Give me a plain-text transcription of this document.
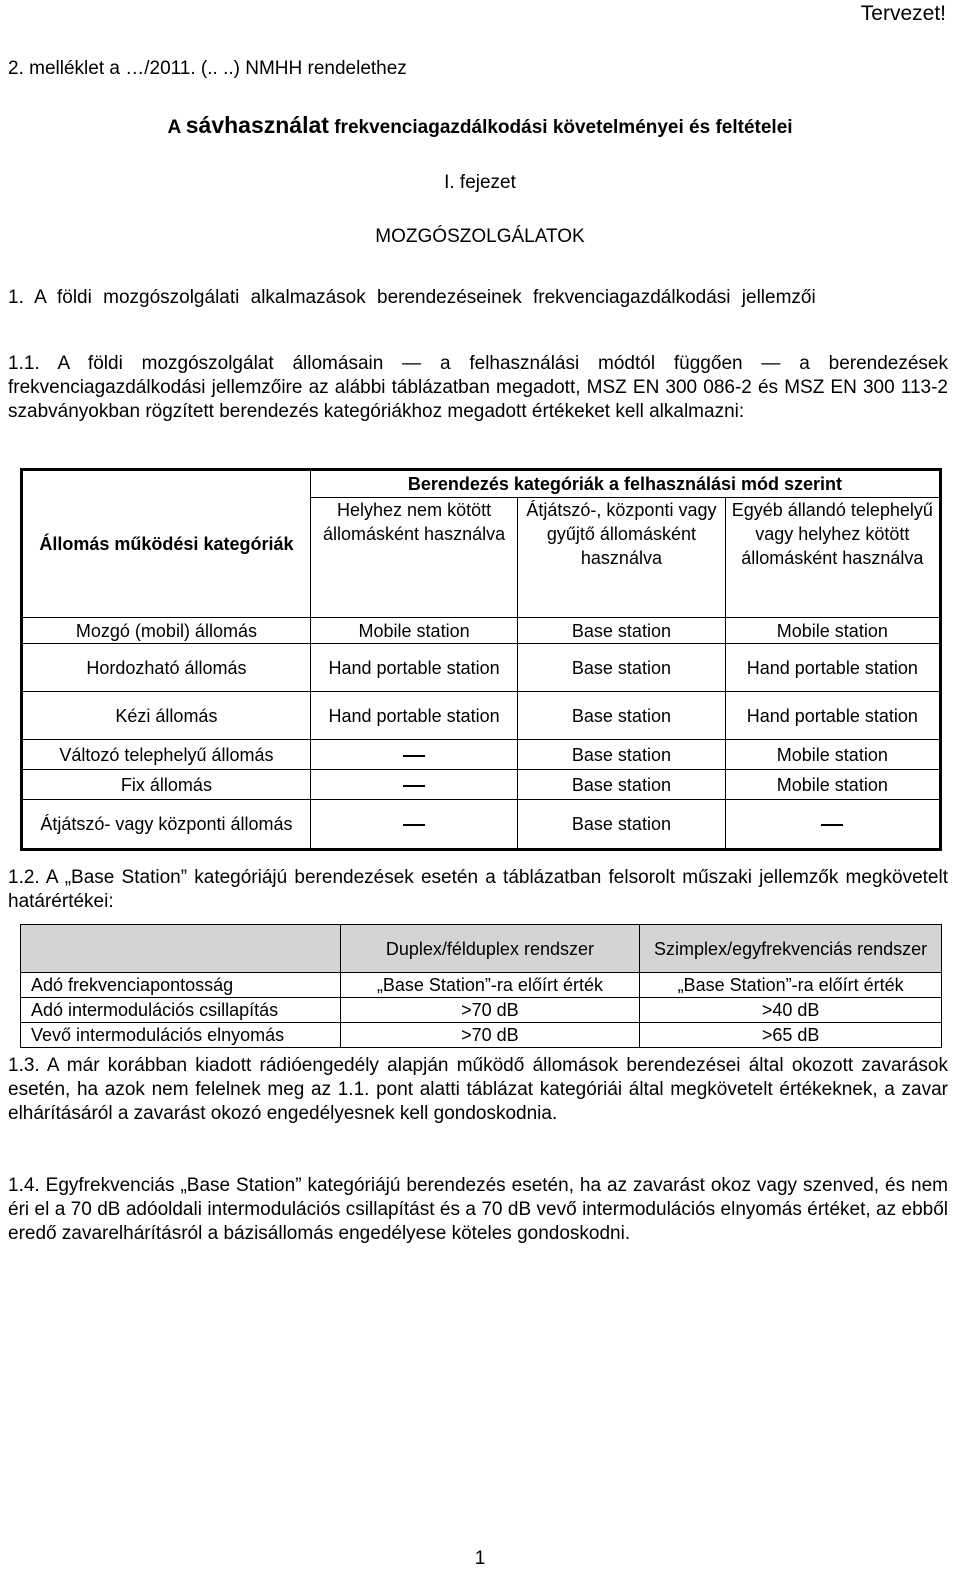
Tervezet!
2. melléklet a …/2011. (.. ..) NMHH rendelethez
A sávhasználat frekvenciagazdálkodási követelményei és feltételei
I. fejezet
MOZGÓSZOLGÁLATOK
1. A földi mozgószolgálati alkalmazások berendezéseinek frekvenciagazdálkodási jellemzői
1.1. A földi mozgószolgálat állomásain ― a felhasználási módtól függően ― a berendezések frekvenciagazdálkodási jellemzőire az alábbi táblázatban megadott, MSZ EN 300 086-2 és MSZ EN 300 113-2 szabványokban rögzített berendezés kategóriákhoz megadott értékeket kell alkalmazni:
Állomás működési kategóriák	Berendezés kategóriák a felhasználási mód szerint		
	Helyhez nem kötött állomásként használva	Átjátszó-, központi vagy gyűjtő állomásként használva	Egyéb állandó telephelyű vagy helyhez kötött állomásként használva
Mozgó (mobil) állomás	Mobile station	Base station	Mobile station
Hordozható állomás	Hand portable station	Base station	Hand portable station
Kézi állomás	Hand portable station	Base station	Hand portable station
Változó telephelyű állomás		Base station	Mobile station
Fix állomás		Base station	Mobile station
Átjátszó- vagy központi állomás		Base station	
1.2. A „Base Station” kategóriájú berendezések esetén a táblázatban felsorolt műszaki jellemzők megkövetelt határértékei:
	Duplex/félduplex rendszer	Szimplex/egyfrekvenciás rendszer
Adó frekvenciapontosság	„Base Station”-ra előírt érték	„Base Station”-ra előírt érték
Adó intermodulációs csillapítás	>70 dB	>40 dB
Vevő intermodulációs elnyomás	>70 dB	>65 dB
1.3. A már korábban kiadott rádióengedély alapján működő állomások berendezései által okozott zavarások esetén, ha azok nem felelnek meg az 1.1. pont alatti táblázat kategóriái által megkövetelt értékeknek, a zavar elhárításáról a zavarást okozó engedélyesnek kell gondoskodnia.
1.4. Egyfrekvenciás „Base Station” kategóriájú berendezés esetén, ha az zavarást okoz vagy szenved, és nem éri el a 70 dB adóoldali intermodulációs csillapítást és a 70 dB vevő intermodulációs elnyomás értéket, az ebből eredő zavarelhárításról a bázisállomás engedélyese köteles gondoskodni.
1
